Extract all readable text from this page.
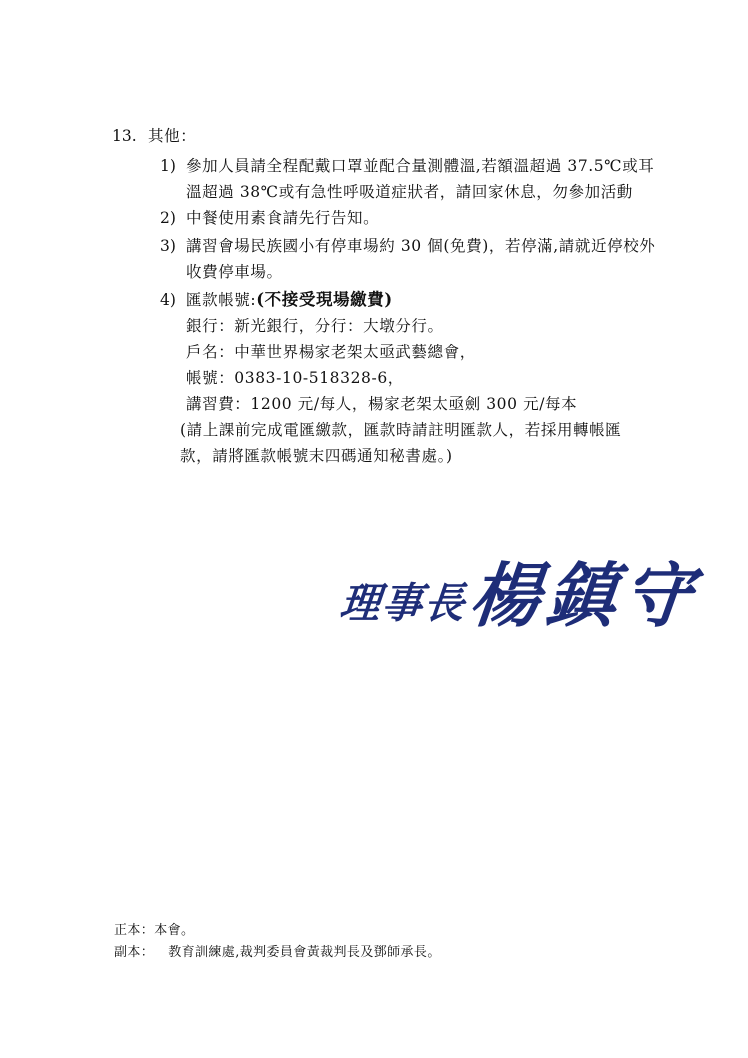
13. 其他：
1) 參加人員請全程配戴口罩並配合量測體溫,若額溫超過 37.5℃或耳
溫超過 38℃或有急性呼吸道症狀者，請回家休息，勿參加活動
2) 中餐使用素食請先行告知。
3) 講習會場民族國小有停車場約 30 個(免費)，若停滿,請就近停校外
收費停車場。
4) 匯款帳號:(不接受現場繳費)
銀行：新光銀行，分行：大墩分行。
戶名：中華世界楊家老架太亟武藝總會，
帳號：0383-10-518328-6，
講習費：1200 元/每人，楊家老架太亟劍 300 元/每本
(請上課前完成電匯繳款，匯款時請註明匯款人，若採用轉帳匯
款，請將匯款帳號末四碼通知秘書處。)
理事長
楊鎮守
正本：本會。
副本： 教育訓練處,裁判委員會黃裁判長及鄧師承長。
